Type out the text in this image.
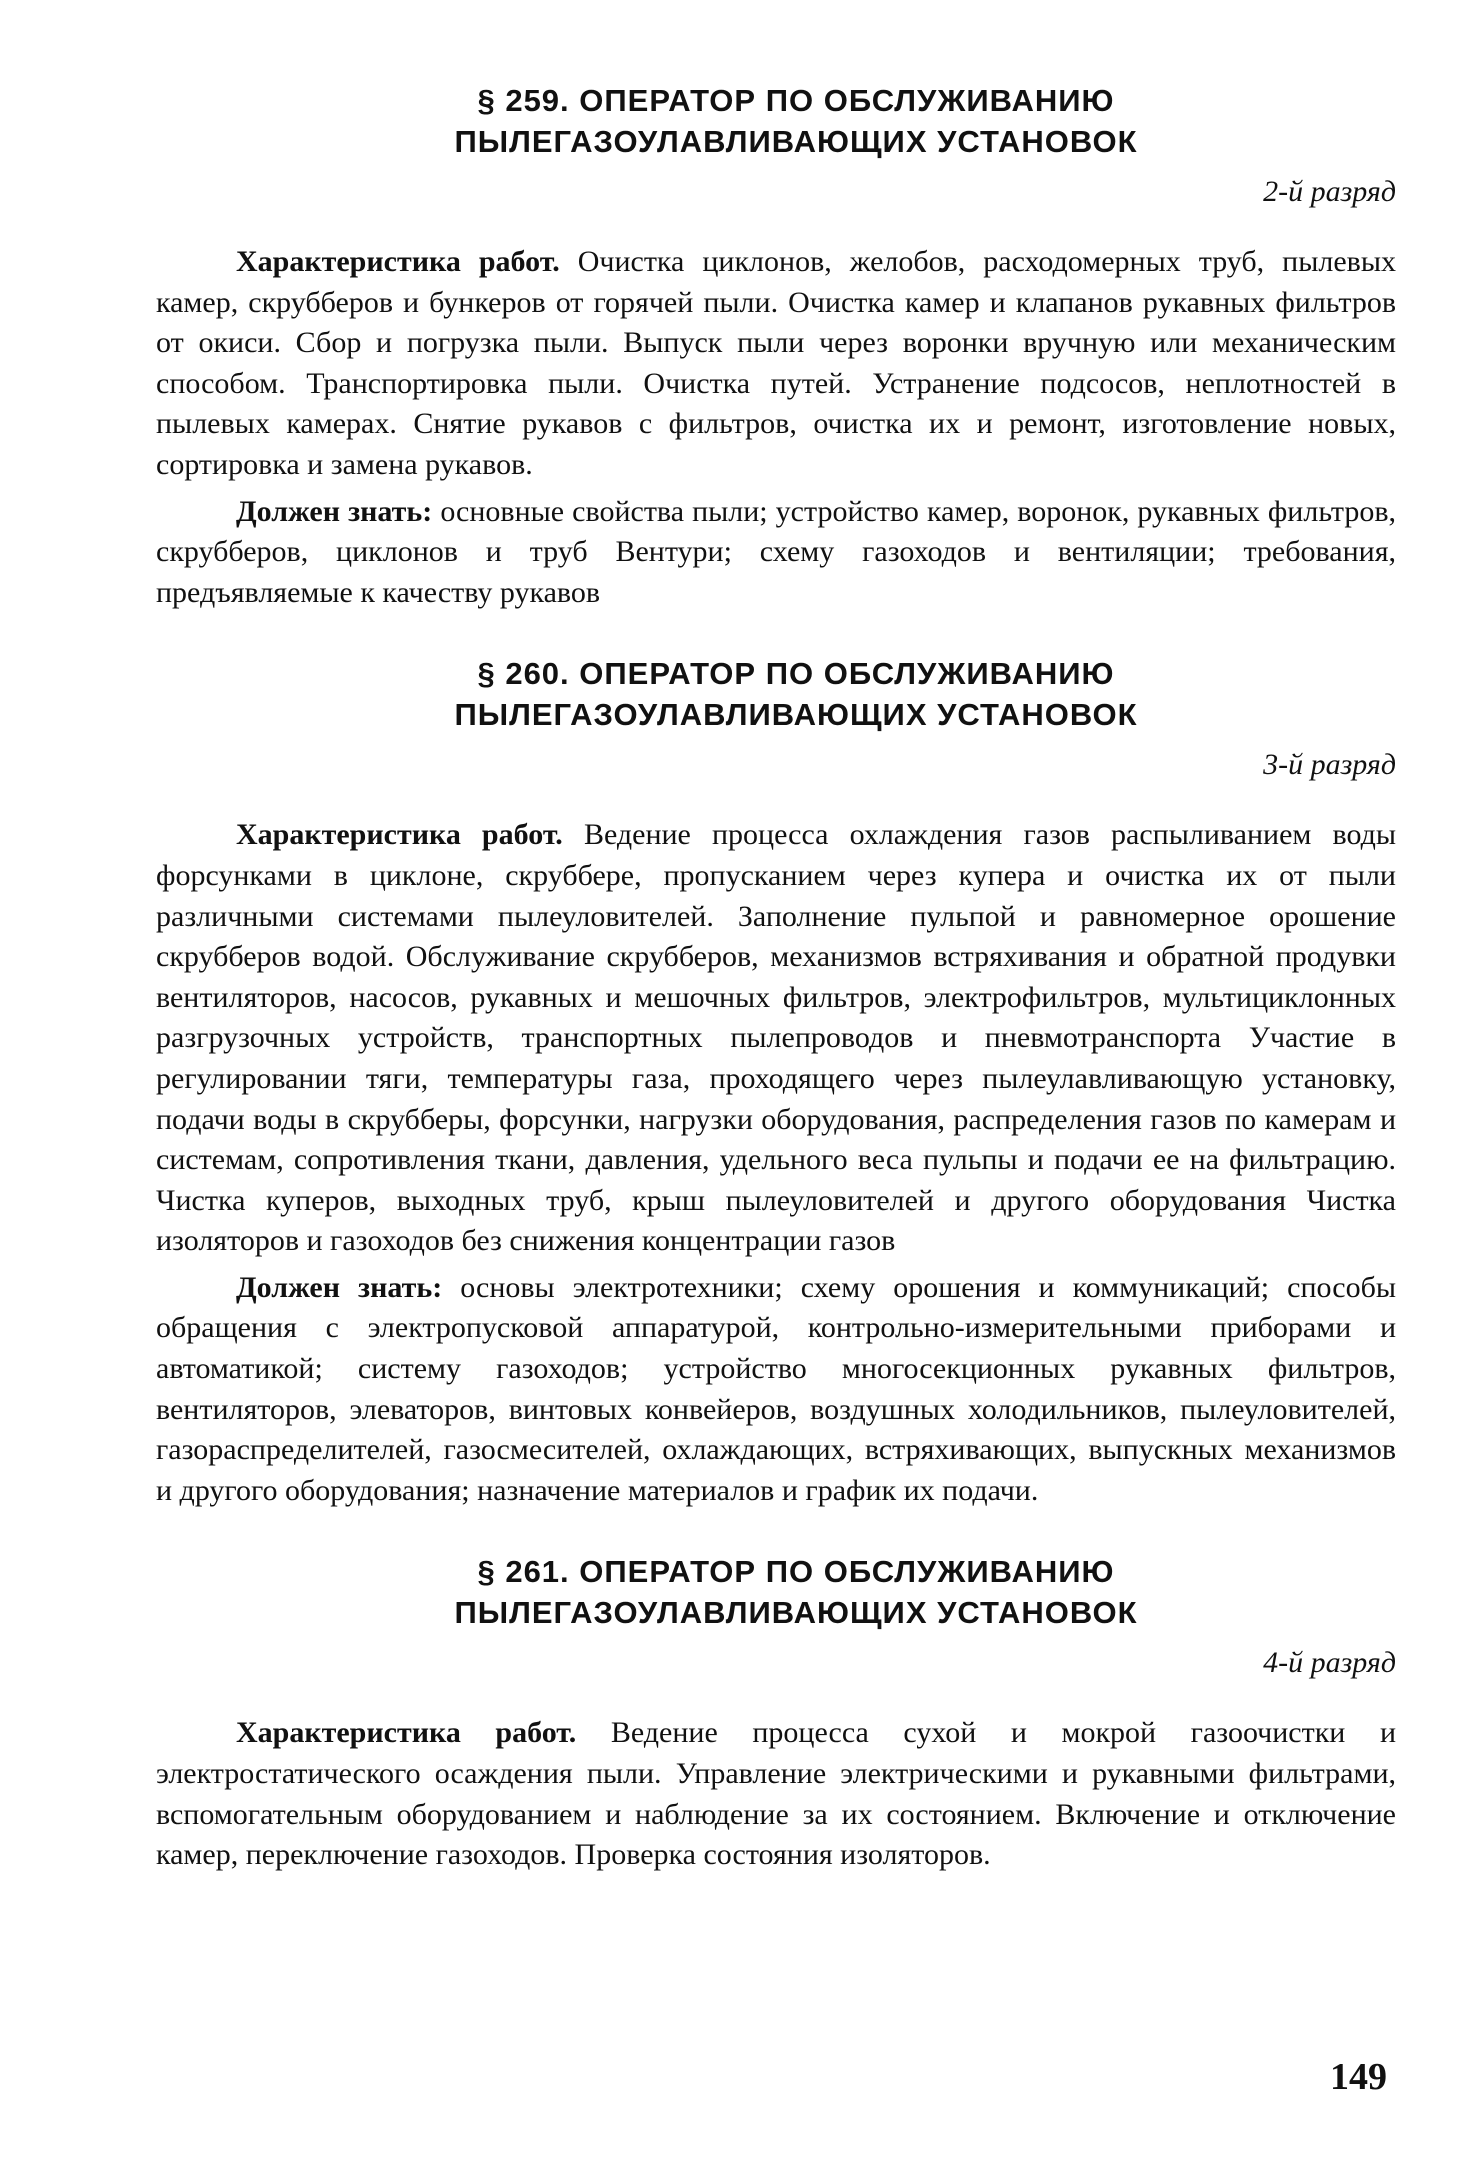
§ 259. ОПЕРАТОР ПО ОБСЛУЖИВАНИЮ
ПЫЛЕГАЗОУЛАВЛИВАЮЩИХ УСТАНОВОК
2-й разряд

Характеристика работ. Очистка циклонов, желобов, расходомерных труб, пылевых камер, скрубберов и бункеров от горячей пыли. Очистка камер и клапанов рукавных фильтров от окиси. Сбор и погрузка пыли. Выпуск пыли через воронки вручную или механическим способом. Транспортировка пыли. Очистка путей. Устранение подсосов, неплотностей в пылевых камерах. Снятие рукавов с фильтров, очистка их и ремонт, изготовление новых, сортировка и замена рукавов.

Должен знать: основные свойства пыли; устройство камер, воронок, рукавных фильтров, скрубберов, циклонов и труб Вентури; схему газоходов и вентиляции; требования, предъявляемые к качеству рукавов

§ 260. ОПЕРАТОР ПО ОБСЛУЖИВАНИЮ
ПЫЛЕГАЗОУЛАВЛИВАЮЩИХ УСТАНОВОК
3-й разряд

Характеристика работ. Ведение процесса охлаждения газов распыливанием воды форсунками в циклоне, скруббере, пропусканием через купера и очистка их от пыли различными системами пылеуловителей. Заполнение пульпой и равномерное орошение скрубберов водой. Обслуживание скрубберов, механизмов встряхивания и обратной продувки вентиляторов, насосов, рукавных и мешочных фильтров, электрофильтров, мультициклонных разгрузочных устройств, транспортных пылепроводов и пневмотранспорта Участие в регулировании тяги, температуры газа, проходящего через пылеулавливающую установку, подачи воды в скрубберы, форсунки, нагрузки оборудования, распределения газов по камерам и системам, сопротивления ткани, давления, удельного веса пульпы и подачи ее на фильтрацию. Чистка куперов, выходных труб, крыш пылеуловителей и другого оборудования Чистка изоляторов и газоходов без снижения концентрации газов

Должен знать: основы электротехники; схему орошения и коммуникаций; способы обращения с электропусковой аппаратурой, контрольно-измерительными приборами и автоматикой; систему газоходов; устройство многосекционных рукавных фильтров, вентиляторов, элеваторов, винтовых конвейеров, воздушных холодильников, пылеуловителей, газораспределителей, газосмесителей, охлаждающих, встряхивающих, выпускных механизмов и другого оборудования; назначение материалов и график их подачи.

§ 261. ОПЕРАТОР ПО ОБСЛУЖИВАНИЮ
ПЫЛЕГАЗОУЛАВЛИВАЮЩИХ УСТАНОВОК
4-й разряд

Характеристика работ. Ведение процесса сухой и мокрой газоочистки и электростатического осаждения пыли. Управление электрическими и рукавными фильтрами, вспомогательным оборудованием и наблюдение за их состоянием. Включение и отключение камер, переключение газоходов. Проверка состояния изоляторов.

149
